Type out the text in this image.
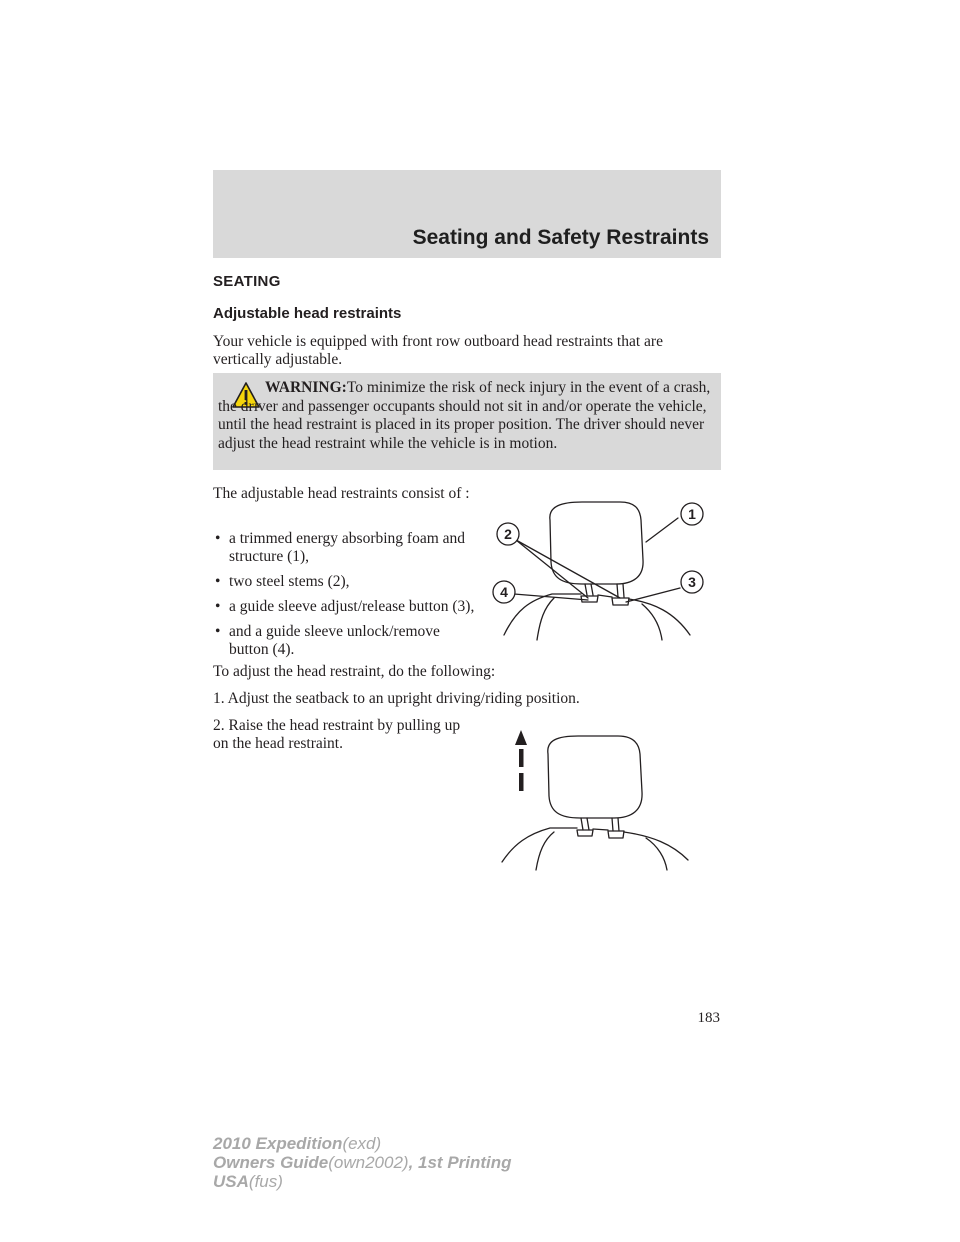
Seating and Safety Restraints
SEATING
Adjustable head restraints
Your vehicle is equipped with front row outboard head restraints that are vertically adjustable.
WARNING:To minimize the risk of neck injury in the event of a crash, the driver and passenger occupants should not sit in and/or operate the vehicle, until the head restraint is placed in its proper position. The driver should never adjust the head restraint while the vehicle is in motion.
The adjustable head restraints consist of :
• a trimmed energy absorbing foam and structure (1),
• two steel stems (2),
• a guide sleeve adjust/release button (3),
• and a guide sleeve unlock/remove button (4).
1
2
3
4
To adjust the head restraint, do the following:
1. Adjust the seatback to an upright driving/riding position.
2. Raise the head restraint by pulling up on the head restraint.
183
2010 Expedition(exd)
Owners Guide(own2002), 1st Printing
USA(fus)
